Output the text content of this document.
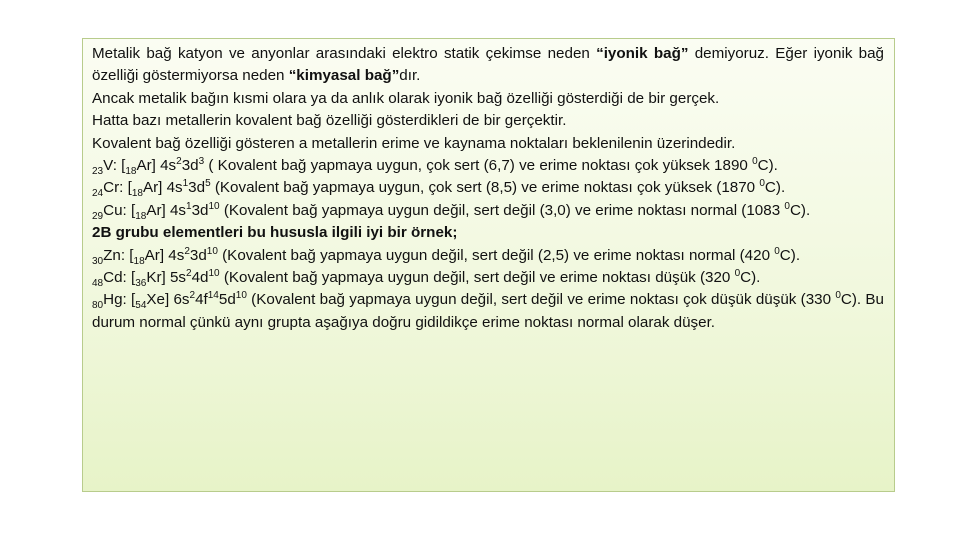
Metalik bağ katyon ve anyonlar arasındaki elektro statik çekimse neden “iyonik bağ” demiyoruz. Eğer iyonik bağ özelliği göstermiyorsa neden “kimyasal bağ”dır.

Ancak metalik bağın kısmi olara ya da anlık olarak iyonik bağ özelliği gösterdiği de bir gerçek.

Hatta bazı metallerin kovalent bağ özelliği gösterdikleri de bir gerçektir.

Kovalent bağ özelliği gösteren a metallerin erime ve kaynama noktaları beklenilenin üzerindedir.

$_{23}$V: $[_{18}Ar]$ $4s^23d^3$ ( Kovalent bağ yapmaya uygun, çok sert (6,7) ve erime noktası çok yüksek 1890 $^0$C).

$_{24}$Cr: $[_{18}Ar]$ $4s^13d^5$ (Kovalent bağ yapmaya uygun, çok sert (8,5) ve erime noktası çok yüksek (1870 $^0$C).

$_{29}$Cu: $[_{18}Ar]$ $4s^13d^{10}$ (Kovalent bağ yapmaya uygun değil, sert değil (3,0) ve erime noktası normal (1083 $^0$C).

2B grubu elementleri bu hususla ilgili iyi bir örnek;

$_{30}$Zn: $[_{18}Ar]$ $4s^23d^{10}$ (Kovalent bağ yapmaya uygun değil, sert değil (2,5) ve erime noktası normal (420 $^0$C).

$_{48}$Cd: $[_{36}Kr]$ $5s^24d^{10}$ (Kovalent bağ yapmaya uygun değil, sert değil ve erime noktası düşük (320 $^0$C).

$_{80}$Hg: $[_{54}Xe]$ $6s^24f^{14}5d^{10}$ (Kovalent bağ yapmaya uygun değil, sert değil ve erime noktası çok düşük düşük (330 $^0$C). Bu durum normal çünkü aynı grupta aşağıya doğru gidildikçe erime noktası normal olarak düşer.
